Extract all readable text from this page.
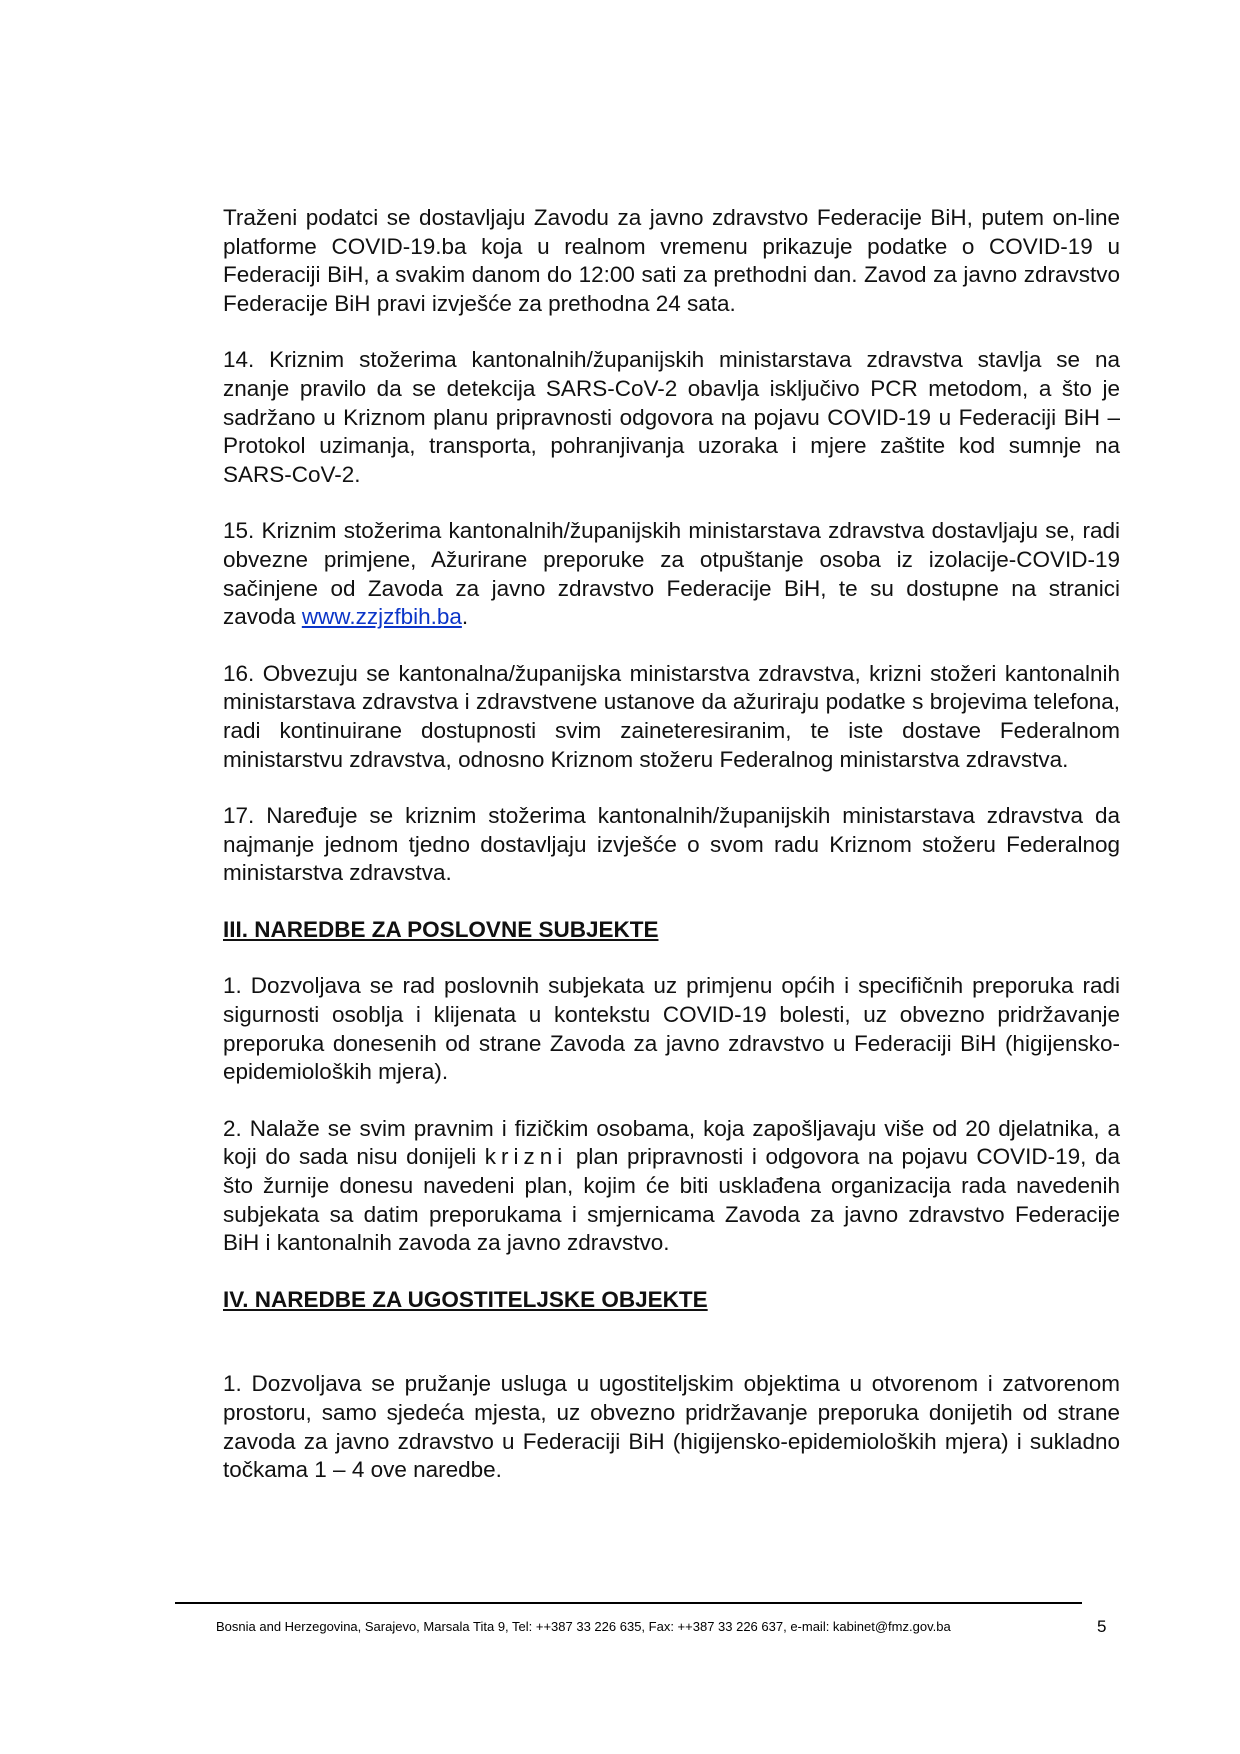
Traženi podatci se dostavljaju Zavodu za javno zdravstvo Federacije BiH, putem on-line platforme COVID-19.ba koja u realnom vremenu prikazuje podatke o COVID-19 u Federaciji BiH, a svakim danom do 12:00 sati za prethodni dan. Zavod za javno zdravstvo Federacije BiH pravi izvješće za prethodna 24 sata.

14. Kriznim stožerima kantonalnih/županijskih ministarstava zdravstva stavlja se na znanje pravilo da se detekcija SARS-CoV-2 obavlja isključivo PCR metodom, a što je sadržano u Kriznom planu pripravnosti odgovora na pojavu COVID-19 u Federaciji BiH – Protokol uzimanja, transporta, pohranjivanja uzoraka i mjere zaštite kod sumnje na SARS-CoV-2.

15. Kriznim stožerima kantonalnih/županijskih ministarstava zdravstva dostavljaju se, radi obvezne primjene, Ažurirane preporuke za otpuštanje osoba iz izolacije-COVID-19 sačinjene od Zavoda za javno zdravstvo Federacije BiH, te su dostupne na stranici zavoda www.zzjzfbih.ba.

16. Obvezuju se kantonalna/županijska ministarstva zdravstva, krizni stožeri kantonalnih ministarstava zdravstva i zdravstvene ustanove da ažuriraju podatke s brojevima telefona, radi kontinuirane dostupnosti svim zaineteresiranim, te iste dostave Federalnom ministarstvu zdravstva, odnosno Kriznom stožeru Federalnog ministarstva zdravstva.

17. Naređuje se kriznim stožerima kantonalnih/županijskih ministarstava zdravstva da najmanje jednom tjedno dostavljaju izvješće o svom radu Kriznom stožeru Federalnog ministarstva zdravstva.

III. NAREDBE ZA POSLOVNE SUBJEKTE

1. Dozvoljava se rad poslovnih subjekata uz primjenu općih i specifičnih preporuka radi sigurnosti osoblja i klijenata u kontekstu COVID-19 bolesti, uz obvezno pridržavanje preporuka donesenih od strane Zavoda za javno zdravstvo u Federaciji BiH (higijensko-epidemioloških mjera).

2. Nalaže se svim pravnim i fizičkim osobama, koja zapošljavaju više od 20 djelatnika, a koji do sada nisu donijeli krizni plan pripravnosti i odgovora na pojavu COVID-19, da što žurnije donesu navedeni plan, kojim će biti usklađena organizacija rada navedenih subjekata sa datim preporukama i smjernicama Zavoda za javno zdravstvo Federacije BiH i kantonalnih zavoda za javno zdravstvo.

IV. NAREDBE ZA UGOSTITELJSKE OBJEKTE

1. Dozvoljava se pružanje usluga u ugostiteljskim objektima u otvorenom i zatvorenom prostoru, samo sjedeća mjesta, uz obvezno pridržavanje preporuka donijetih od strane zavoda za javno zdravstvo u Federaciji BiH (higijensko-epidemioloških mjera) i sukladno točkama 1 – 4 ove naredbe.

Bosnia and Herzegovina, Sarajevo, Marsala Tita 9, Tel: ++387 33 226 635, Fax: ++387 33 226 637, e-mail: kabinet@fmz.gov.ba	5
